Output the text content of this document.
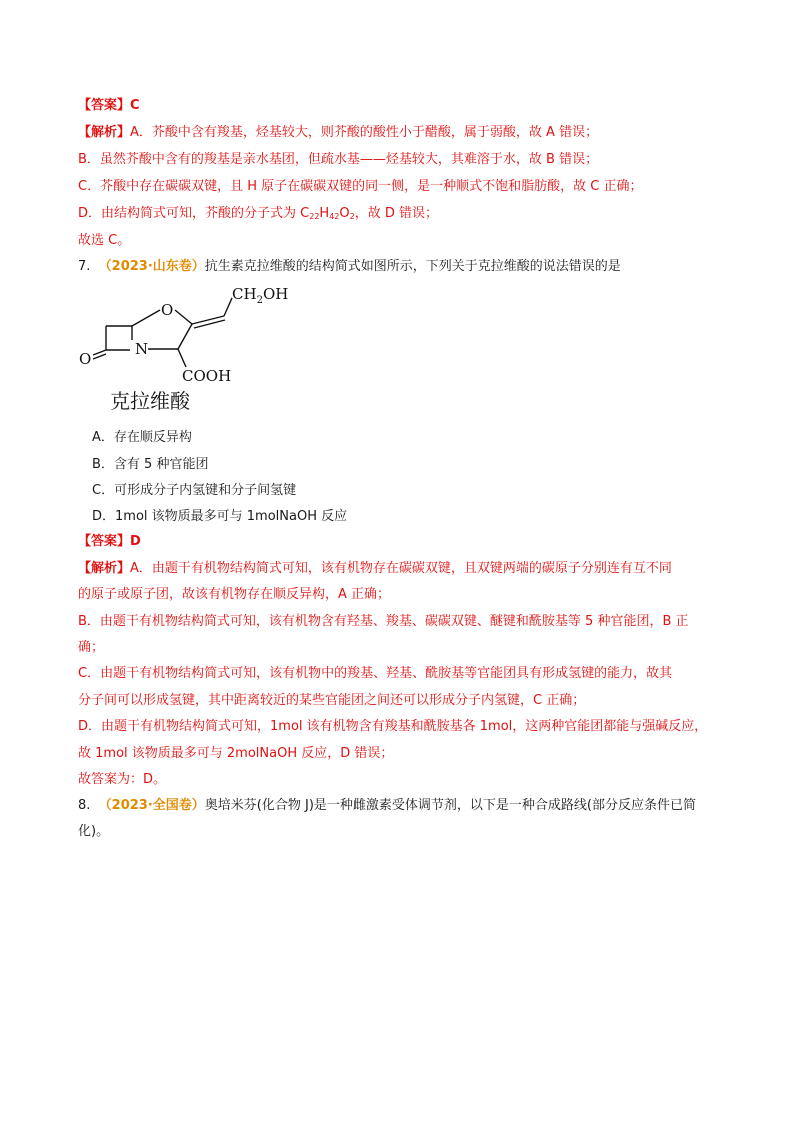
【答案】C
【解析】A．芥酸中含有羧基，烃基较大，则芥酸的酸性小于醋酸，属于弱酸，故 A 错误；
B．虽然芥酸中含有的羧基是亲水基团，但疏水基——烃基较大，其难溶于水，故 B 错误；
C．芥酸中存在碳碳双键，且 H 原子在碳碳双键的同一侧，是一种顺式不饱和脂肪酸，故 C 正确；
D．由结构简式可知，芥酸的分子式为 $C_{22}H_{42}O_2$，故 D 错误；
故选 C。
7. （2023·山东卷）抗生素克拉维酸的结构简式如图所示，下列关于克拉维酸的说法错误的是
O
$CH_2OH$
N
O
COOH
克拉维酸
A．存在顺反异构
B．含有 5 种官能团
C．可形成分子内氢键和分子间氢键
D．1mol 该物质最多可与 1molNaOH 反应
【答案】D
【解析】A．由题干有机物结构简式可知，该有机物存在碳碳双键，且双键两端的碳原子分别连有互不同
的原子或原子团，故该有机物存在顺反异构，A 正确；
B．由题干有机物结构简式可知，该有机物含有羟基、羧基、碳碳双键、醚键和酰胺基等 5 种官能团，B 正
确；
C．由题干有机物结构简式可知，该有机物中的羧基、羟基、酰胺基等官能团具有形成氢键的能力，故其
分子间可以形成氢键，其中距离较近的某些官能团之间还可以形成分子内氢键，C 正确；
D．由题干有机物结构简式可知，1mol 该有机物含有羧基和酰胺基各 1mol，这两种官能团都能与强碱反应，
故 1mol 该物质最多可与 2molNaOH 反应，D 错误；
故答案为：D。
8. （2023·全国卷）奥培米芬(化合物 J)是一种雌激素受体调节剂，以下是一种合成路线(部分反应条件已简
化)。
